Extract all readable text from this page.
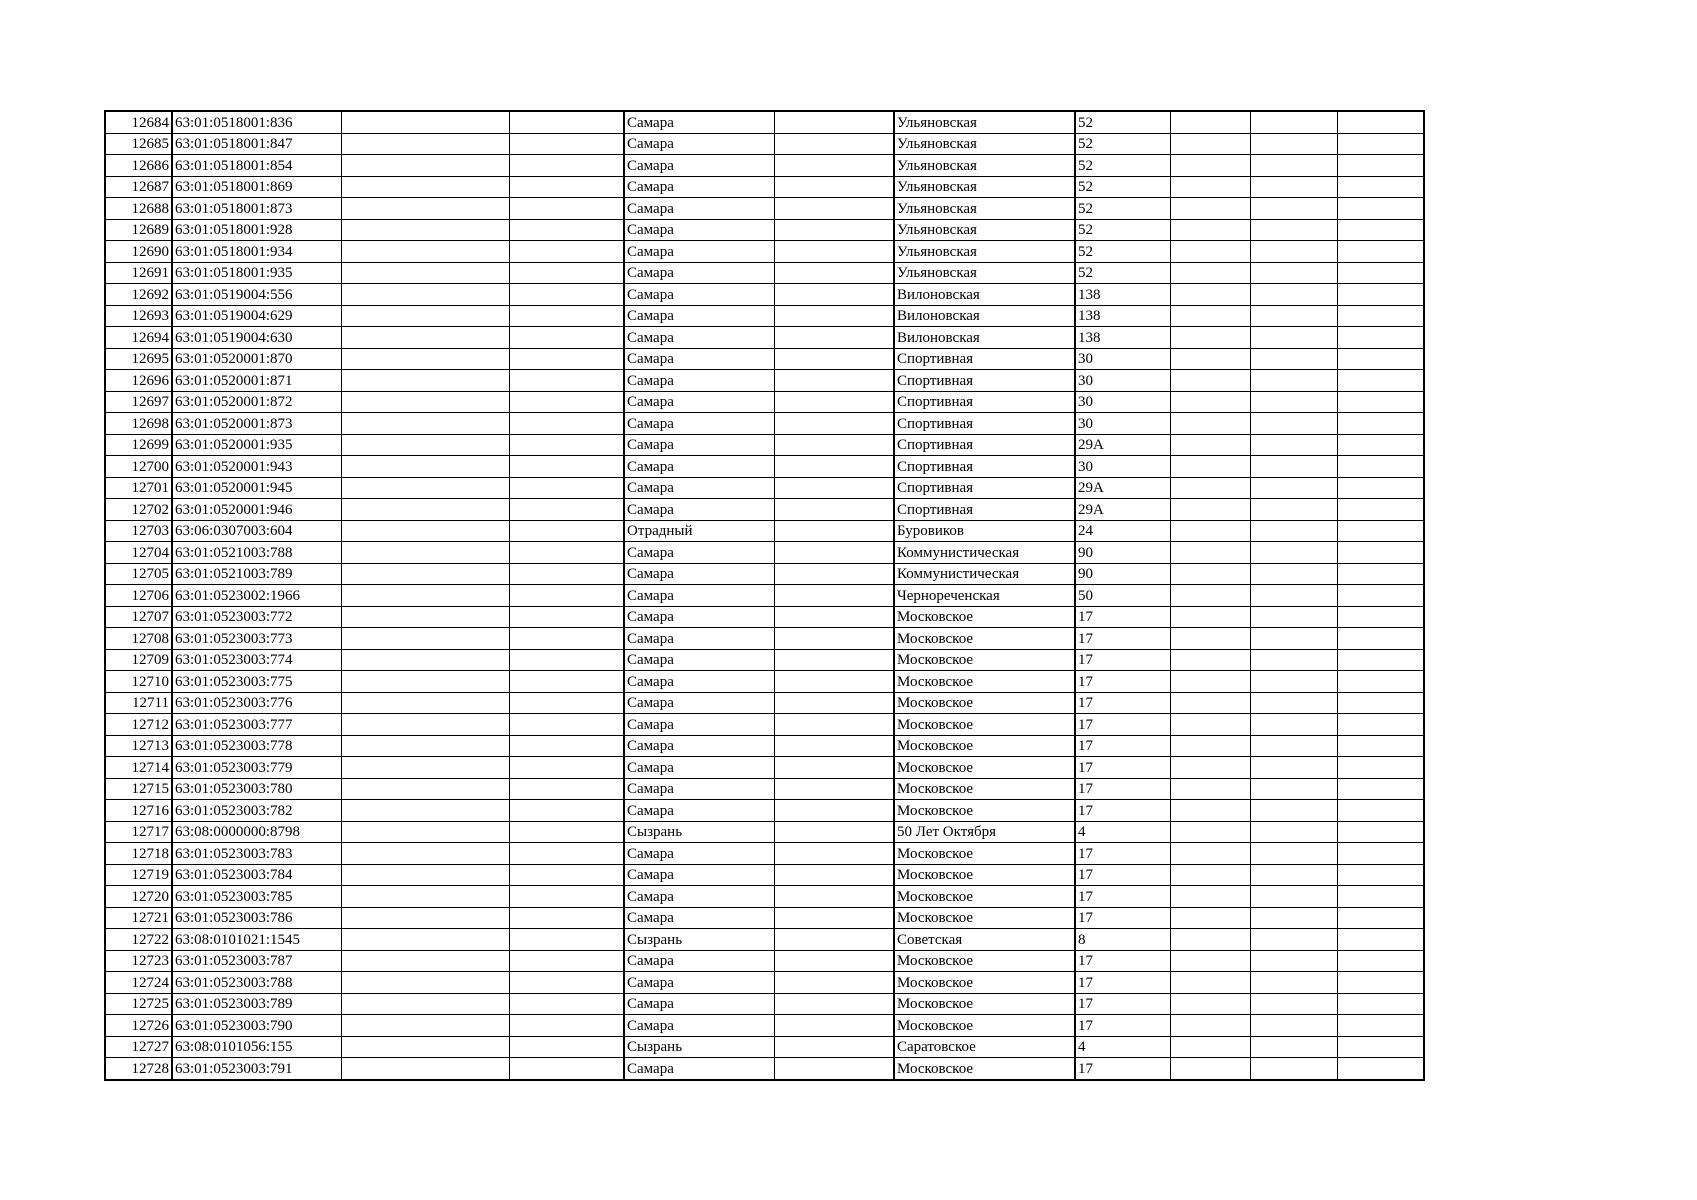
12684	63:01:0518001:836			Самара		Ульяновская	52			
12685	63:01:0518001:847			Самара		Ульяновская	52			
12686	63:01:0518001:854			Самара		Ульяновская	52			
12687	63:01:0518001:869			Самара		Ульяновская	52			
12688	63:01:0518001:873			Самара		Ульяновская	52			
12689	63:01:0518001:928			Самара		Ульяновская	52			
12690	63:01:0518001:934			Самара		Ульяновская	52			
12691	63:01:0518001:935			Самара		Ульяновская	52			
12692	63:01:0519004:556			Самара		Вилоновская	138			
12693	63:01:0519004:629			Самара		Вилоновская	138			
12694	63:01:0519004:630			Самара		Вилоновская	138			
12695	63:01:0520001:870			Самара		Спортивная	30			
12696	63:01:0520001:871			Самара		Спортивная	30			
12697	63:01:0520001:872			Самара		Спортивная	30			
12698	63:01:0520001:873			Самара		Спортивная	30			
12699	63:01:0520001:935			Самара		Спортивная	29А			
12700	63:01:0520001:943			Самара		Спортивная	30			
12701	63:01:0520001:945			Самара		Спортивная	29А			
12702	63:01:0520001:946			Самара		Спортивная	29А			
12703	63:06:0307003:604			Отрадный		Буровиков	24			
12704	63:01:0521003:788			Самара		Коммунистическая	90			
12705	63:01:0521003:789			Самара		Коммунистическая	90			
12706	63:01:0523002:1966			Самара		Чернореченская	50			
12707	63:01:0523003:772			Самара		Московское	17			
12708	63:01:0523003:773			Самара		Московское	17			
12709	63:01:0523003:774			Самара		Московское	17			
12710	63:01:0523003:775			Самара		Московское	17			
12711	63:01:0523003:776			Самара		Московское	17			
12712	63:01:0523003:777			Самара		Московское	17			
12713	63:01:0523003:778			Самара		Московское	17			
12714	63:01:0523003:779			Самара		Московское	17			
12715	63:01:0523003:780			Самара		Московское	17			
12716	63:01:0523003:782			Самара		Московское	17			
12717	63:08:0000000:8798			Сызрань		50 Лет Октября	4			
12718	63:01:0523003:783			Самара		Московское	17			
12719	63:01:0523003:784			Самара		Московское	17			
12720	63:01:0523003:785			Самара		Московское	17			
12721	63:01:0523003:786			Самара		Московское	17			
12722	63:08:0101021:1545			Сызрань		Советская	8			
12723	63:01:0523003:787			Самара		Московское	17			
12724	63:01:0523003:788			Самара		Московское	17			
12725	63:01:0523003:789			Самара		Московское	17			
12726	63:01:0523003:790			Самара		Московское	17			
12727	63:08:0101056:155			Сызрань		Саратовское	4			
12728	63:01:0523003:791			Самара		Московское	17			
